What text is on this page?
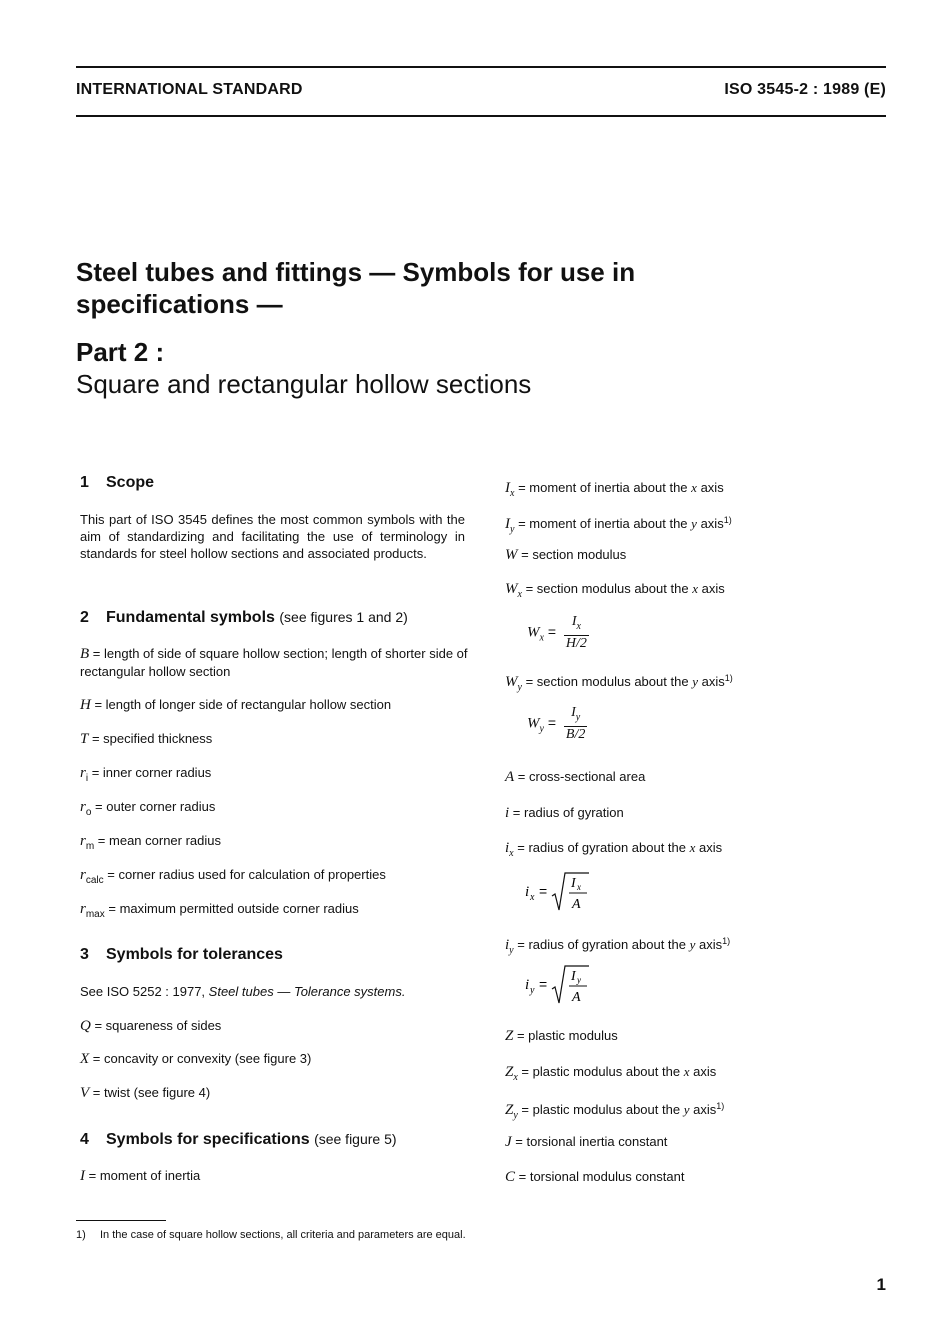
INTERNATIONAL STANDARD	ISO 3545-2 : 1989 (E)
Steel tubes and fittings — Symbols for use in
specifications —
Part 2 :
Square and rectangular hollow sections
1 Scope
This part of ISO 3545 defines the most common symbols with the aim of standardizing and facilitating the use of terminology in standards for steel hollow sections and associated products.
2 Fundamental symbols (see figures 1 and 2)
B = length of side of square hollow section; length of shorter side of rectangular hollow section
H = length of longer side of rectangular hollow section
T = specified thickness
$r_i$ = inner corner radius
$r_o$ = outer corner radius
$r_m$ = mean corner radius
$r_{calc}$ = corner radius used for calculation of properties
$r_{max}$ = maximum permitted outside corner radius
3 Symbols for tolerances
See ISO 5252 : 1977, Steel tubes — Tolerance systems.
Q = squareness of sides
X = concavity or convexity (see figure 3)
V = twist (see figure 4)
4 Symbols for specifications (see figure 5)
I = moment of inertia
$I_x$ = moment of inertia about the x axis
$I_y$ = moment of inertia about the y axis$^{1)}$
W = section modulus
$W_x$ = section modulus about the x axis
$W_x = \frac{I_x}{H/2}$
$W_y$ = section modulus about the y axis$^{1)}$
$W_y = \frac{I_y}{B/2}$
A = cross-sectional area
i = radius of gyration
$i_x$ = radius of gyration about the x axis
i x = I x
A
$i_y$ = radius of gyration about the y axis$^{1)}$
i y = I y
A
Z = plastic modulus
$Z_x$ = plastic modulus about the x axis
$Z_y$ = plastic modulus about the y axis$^{1)}$
J = torsional inertia constant
C = torsional modulus constant
1) In the case of square hollow sections, all criteria and parameters are equal.
1
